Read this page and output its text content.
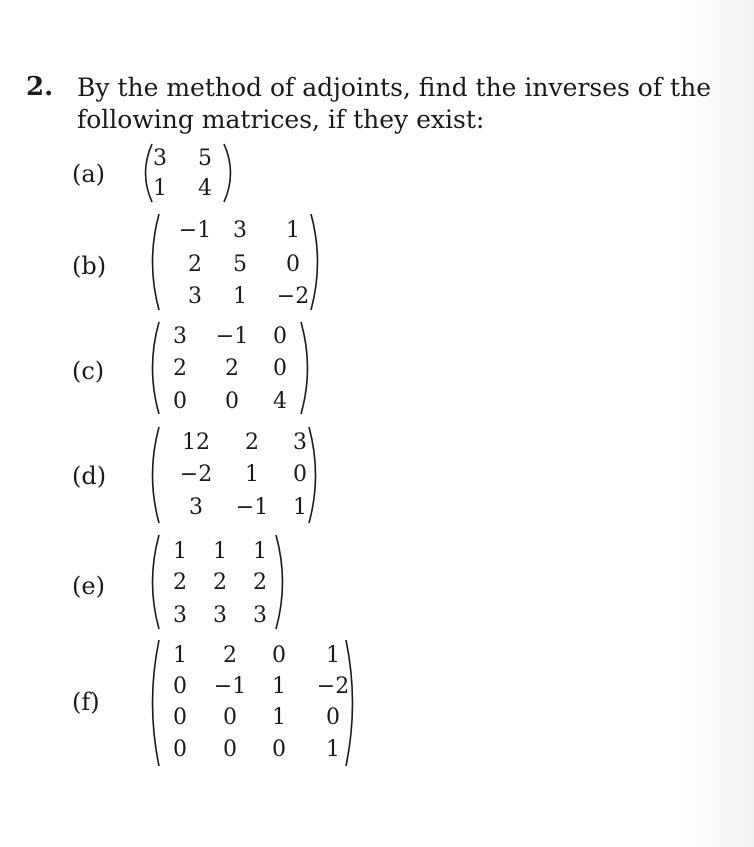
2. By the method of adjoints, find the inverses of the
following matrices, if they exist:
(a)
3 5
1 4
(b)
−1 3 1
2 5 0
3 1 −2
(c)
3 −1 0
2 2 0
0 0 4
(d)
12 2 3
−2 1 0
3 −1 1
(e)
1 1 1
2 2 2
3 3 3
(f)
1 2 0 1
0 −1 1 −2
0 0 1 0
0 0 0 1
